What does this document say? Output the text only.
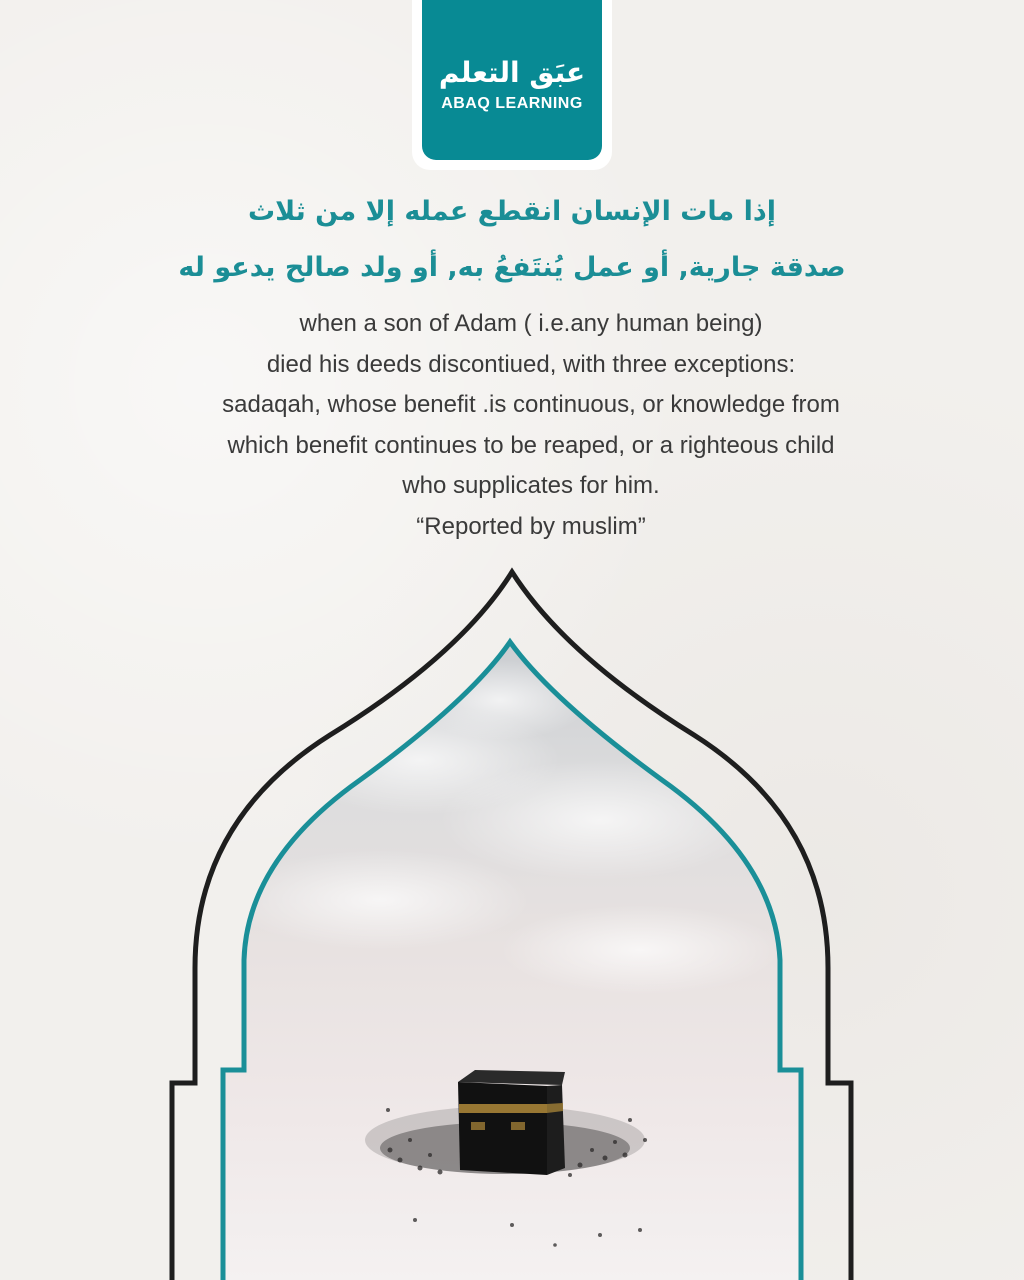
عبَق التعلم
ABAQ LEARNING
إذا مات الإنسان انقطع عمله إلا من ثلاث
صدقة جارية, أو عمل يُنتَفعُ به, أو ولد صالح يدعو له
when a son of Adam ( i.e.any human being)
died his deeds discontiued, with three exceptions:
sadaqah, whose benefit .is continuous, or knowledge from
which benefit continues to be reaped, or a righteous child
who supplicates for him.
“Reported by muslim”
